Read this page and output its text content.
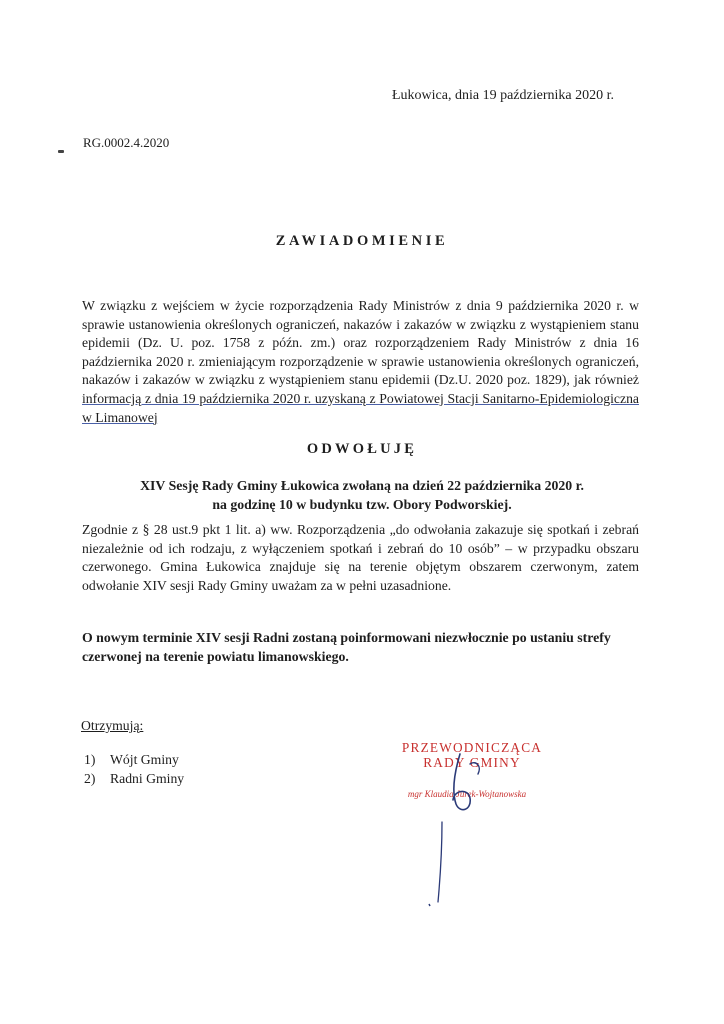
Łukowica, dnia 19 października 2020 r.
RG.0002.4.2020
ZAWIADOMIENIE
W związku z wejściem w życie rozporządzenia Rady Ministrów z dnia 9 października 2020 r. w sprawie ustanowienia określonych ograniczeń, nakazów i zakazów w związku z wystąpieniem stanu epidemii (Dz. U. poz. 1758 z późn. zm.) oraz rozporządzeniem Rady Ministrów z dnia 16 października 2020 r. zmieniającym rozporządzenie w sprawie ustanowienia określonych ograniczeń, nakazów i zakazów w związku z wystąpieniem stanu epidemii (Dz.U. 2020 poz. 1829), jak również informacją z dnia 19 października 2020 r. uzyskaną z Powiatowej Stacji Sanitarno-Epidemiologiczna w Limanowej
ODWOŁUJĘ
XIV Sesję Rady Gminy Łukowica zwołaną na dzień 22 października 2020 r.
na godzinę 10 w budynku tzw. Obory Podworskiej.
Zgodnie z § 28 ust.9 pkt 1 lit. a) ww. Rozporządzenia „do odwołania zakazuje się spotkań i zebrań niezależnie od ich rodzaju, z wyłączeniem spotkań i zebrań do 10 osób” – w przypadku obszaru czerwonego. Gmina Łukowica znajduje się na terenie objętym obszarem czerwonym, zatem odwołanie XIV sesji Rady Gminy uważam za w pełni uzasadnione.
O nowym terminie XIV sesji Radni zostaną poinformowani niezwłocznie po ustaniu strefy czerwonej na terenie powiatu limanowskiego.
Otrzymują:
1) Wójt Gminy
2) Radni Gminy
PRZEWODNICZĄCA
RADY GMINY
mgr Klaudia Jurek-Wojtanowska
